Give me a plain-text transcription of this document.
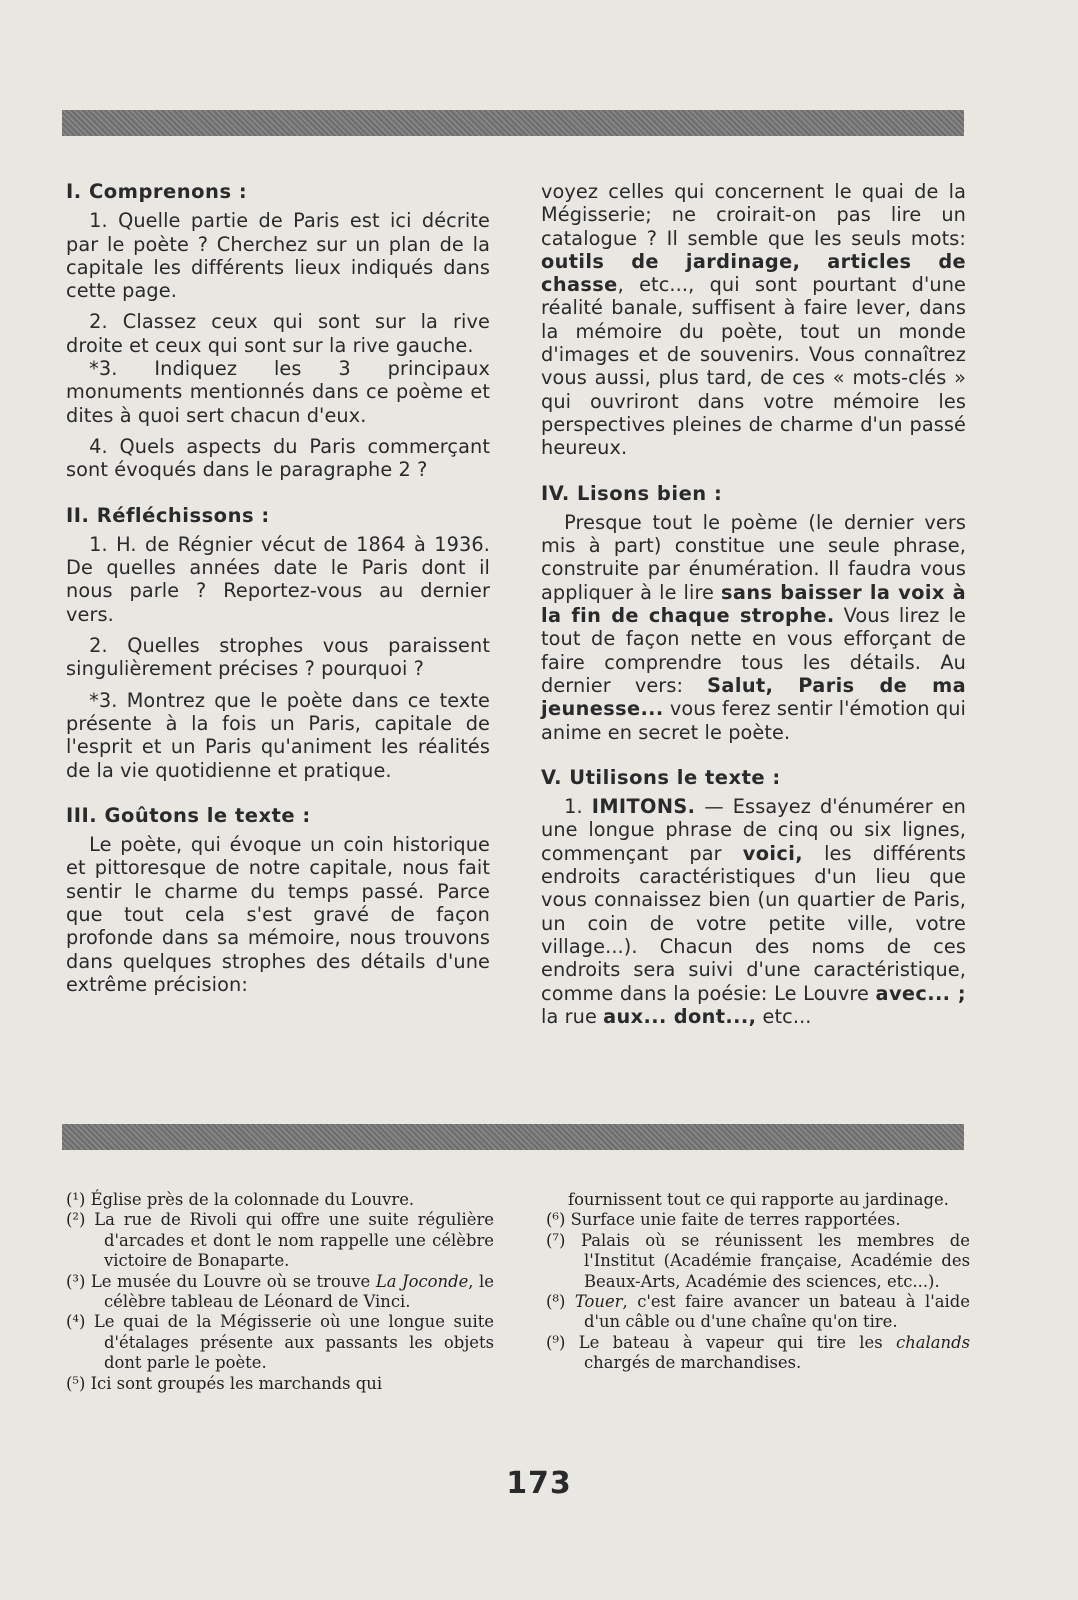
I. Comprenons :

1. Quelle partie de Paris est ici décrite par le poète ? Cherchez sur un plan de la capitale les différents lieux indiqués dans cette page.

2. Classez ceux qui sont sur la rive droite et ceux qui sont sur la rive gauche.

*3. Indiquez les 3 principaux monuments mentionnés dans ce poème et dites à quoi sert chacun d'eux.

4. Quels aspects du Paris commerçant sont évoqués dans le paragraphe 2 ?

II. Réfléchissons :

1. H. de Régnier vécut de 1864 à 1936. De quelles années date le Paris dont il nous parle ? Reportez-vous au dernier vers.

2. Quelles strophes vous paraissent singulièrement précises ? pourquoi ?

*3. Montrez que le poète dans ce texte présente à la fois un Paris, capitale de l'esprit et un Paris qu'animent les réalités de la vie quotidienne et pratique.

III. Goûtons le texte :

Le poète, qui évoque un coin historique et pittoresque de notre capitale, nous fait sentir le charme du temps passé. Parce que tout cela s'est gravé de façon profonde dans sa mémoire, nous trouvons dans quelques strophes des détails d'une extrême précision:

voyez celles qui concernent le quai de la Mégisserie; ne croirait-on pas lire un catalogue ? Il semble que les seuls mots: outils de jardinage, articles de chasse, etc..., qui sont pourtant d'une réalité banale, suffisent à faire lever, dans la mémoire du poète, tout un monde d'images et de souvenirs. Vous connaîtrez vous aussi, plus tard, de ces « mots-clés » qui ouvriront dans votre mémoire les perspectives pleines de charme d'un passé heureux.

IV. Lisons bien :

Presque tout le poème (le dernier vers mis à part) constitue une seule phrase, construite par énumération. Il faudra vous appliquer à le lire sans baisser la voix à la fin de chaque strophe. Vous lirez le tout de façon nette en vous efforçant de faire comprendre tous les détails. Au dernier vers: Salut, Paris de ma jeunesse... vous ferez sentir l'émotion qui anime en secret le poète.

V. Utilisons le texte :

1. IMITONS. — Essayez d'énumérer en une longue phrase de cinq ou six lignes, commençant par voici, les différents endroits caractéristiques d'un lieu que vous connaissez bien (un quartier de Paris, un coin de votre petite ville, votre village...). Chacun des noms de ces endroits sera suivi d'une caractéristique, comme dans la poésie: Le Louvre avec... ; la rue aux... dont..., etc...

(¹) Église près de la colonnade du Louvre.
(²) La rue de Rivoli qui offre une suite régulière d'arcades et dont le nom rappelle une célèbre victoire de Bonaparte.
(³) Le musée du Louvre où se trouve La Joconde, le célèbre tableau de Léonard de Vinci.
(⁴) Le quai de la Mégisserie où une longue suite d'étalages présente aux passants les objets dont parle le poète.
(⁵) Ici sont groupés les marchands qui
fournissent tout ce qui rapporte au jardinage.
(⁶) Surface unie faite de terres rapportées.
(⁷) Palais où se réunissent les membres de l'Institut (Académie française, Académie des Beaux-Arts, Académie des sciences, etc...).
(⁸) Touer, c'est faire avancer un bateau à l'aide d'un câble ou d'une chaîne qu'on tire.
(⁹) Le bateau à vapeur qui tire les chalands chargés de marchandises.
173
